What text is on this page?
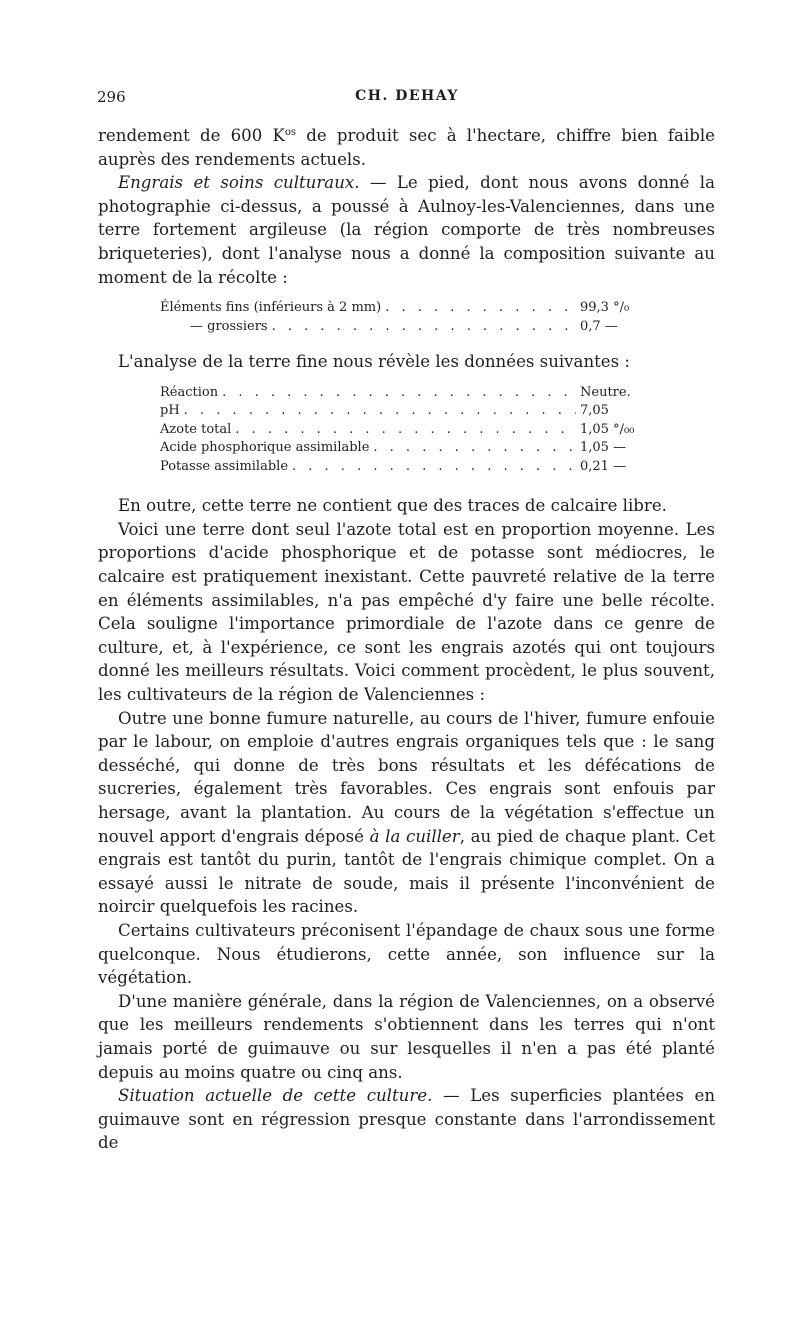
296	CH. DEHAY

rendement de 600 $K^{os}$ de produit sec à l'hectare, chiffre bien faible auprès des rendements actuels.

Engrais et soins culturaux. — Le pied, dont nous avons donné la photographie ci-dessus, a poussé à Aulnoy-les-Valenciennes, dans une terre fortement argileuse (la région comporte de très nombreuses briqueteries), dont l'analyse nous a donné la composition suivante au moment de la récolte :

Éléments fins (inférieurs à 2 mm) . . .	99,3 °/₀
— grossiers . . .	0,7 —

L'analyse de la terre fine nous révèle les données suivantes :

Réaction . . .	Neutre.
pH . . .	7,05
Azote total . . .	1,05 °/₀₀
Acide phosphorique assimilable . . .	1,05 —
Potasse assimilable . . .	0,21 —

En outre, cette terre ne contient que des traces de calcaire libre.

Voici une terre dont seul l'azote total est en proportion moyenne. Les proportions d'acide phosphorique et de potasse sont médiocres, le calcaire est pratiquement inexistant. Cette pauvreté relative de la terre en éléments assimilables, n'a pas empêché d'y faire une belle récolte. Cela souligne l'importance primordiale de l'azote dans ce genre de culture, et, à l'expérience, ce sont les engrais azotés qui ont toujours donné les meilleurs résultats. Voici comment procèdent, le plus souvent, les cultivateurs de la région de Valenciennes :

Outre une bonne fumure naturelle, au cours de l'hiver, fumure enfouie par le labour, on emploie d'autres engrais organiques tels que : le sang desséché, qui donne de très bons résultats et les défécations de sucreries, également très favorables. Ces engrais sont enfouis par hersage, avant la plantation. Au cours de la végétation s'effectue un nouvel apport d'engrais déposé à la cuiller, au pied de chaque plant. Cet engrais est tantôt du purin, tantôt de l'engrais chimique complet. On a essayé aussi le nitrate de soude, mais il présente l'inconvénient de noircir quelquefois les racines.

Certains cultivateurs préconisent l'épandage de chaux sous une forme quelconque. Nous étudierons, cette année, son influence sur la végétation.

D'une manière générale, dans la région de Valenciennes, on a observé que les meilleurs rendements s'obtiennent dans les terres qui n'ont jamais porté de guimauve ou sur lesquelles il n'en a pas été planté depuis au moins quatre ou cinq ans.

Situation actuelle de cette culture. — Les superficies plantées en guimauve sont en régression presque constante dans l'arrondissement de
